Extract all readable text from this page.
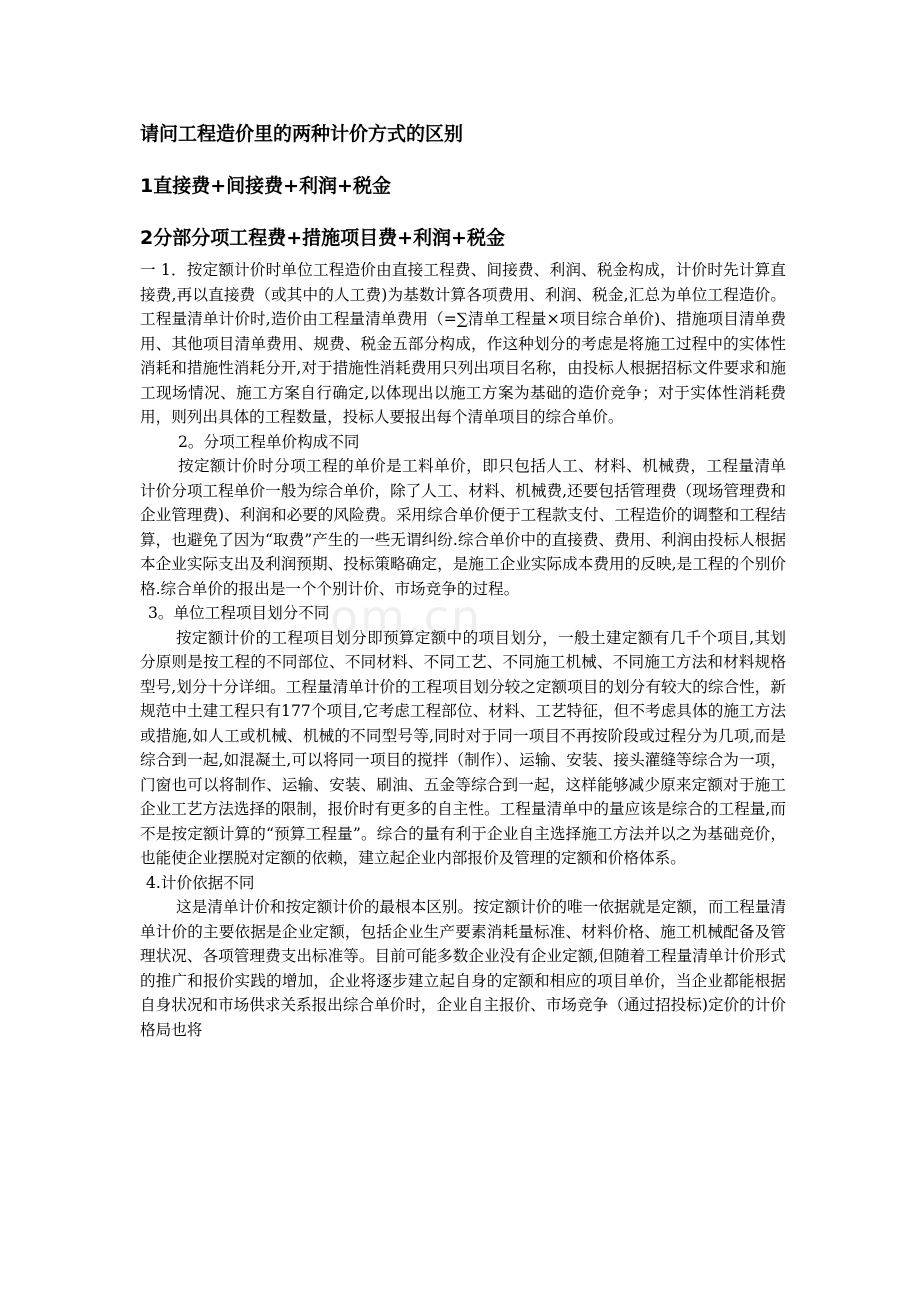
请问工程造价里的两种计价方式的区别
1直接费+间接费+利润+税金
2分部分项工程费+措施项目费+利润+税金

一 1．按定额计价时单位工程造价由直接工程费、间接费、利润、税金构成，计价时先计算直接费,再以直接费（或其中的人工费)为基数计算各项费用、利润、税金,汇总为单位工程造价。工程量清单计价时,造价由工程量清单费用（=∑清单工程量×项目综合单价)、措施项目清单费用、其他项目清单费用、规费、税金五部分构成，作这种划分的考虑是将施工过程中的实体性消耗和措施性消耗分开,对于措施性消耗费用只列出项目名称，由投标人根据招标文件要求和施工现场情况、施工方案自行确定,以体现出以施工方案为基础的造价竞争；对于实体性消耗费用，则列出具体的工程数量，投标人要报出每个清单项目的综合单价。

2。分项工程单价构成不同

按定额计价时分项工程的单价是工料单价，即只包括人工、材料、机械费，工程量清单计价分项工程单价一般为综合单价，除了人工、材料、机械费,还要包括管理费（现场管理费和企业管理费)、利润和必要的风险费。采用综合单价便于工程款支付、工程造价的调整和工程结算，也避免了因为“取费”产生的一些无谓纠纷.综合单价中的直接费、费用、利润由投标人根据本企业实际支出及利润预期、投标策略确定，是施工企业实际成本费用的反映,是工程的个别价格.综合单价的报出是一个个别计价、市场竞争的过程。

3。单位工程项目划分不同

按定额计价的工程项目划分即预算定额中的项目划分，一般土建定额有几千个项目,其划分原则是按工程的不同部位、不同材料、不同工艺、不同施工机械、不同施工方法和材料规格型号,划分十分详细。工程量清单计价的工程项目划分较之定额项目的划分有较大的综合性，新规范中土建工程只有177个项目,它考虑工程部位、材料、工艺特征，但不考虑具体的施工方法或措施,如人工或机械、机械的不同型号等,同时对于同一项目不再按阶段或过程分为几项,而是综合到一起,如混凝土,可以将同一项目的搅拌（制作）、运输、安装、接头灌缝等综合为一项，门窗也可以将制作、运输、安装、刷油、五金等综合到一起，这样能够减少原来定额对于施工企业工艺方法选择的限制，报价时有更多的自主性。工程量清单中的量应该是综合的工程量,而不是按定额计算的“预算工程量”。综合的量有利于企业自主选择施工方法并以之为基础竞价，也能使企业摆脱对定额的依赖，建立起企业内部报价及管理的定额和价格体系。

4.计价依据不同

这是清单计价和按定额计价的最根本区别。按定额计价的唯一依据就是定额，而工程量清单计价的主要依据是企业定额，包括企业生产要素消耗量标准、材料价格、施工机械配备及管理状况、各项管理费支出标准等。目前可能多数企业没有企业定额,但随着工程量清单计价形式的推广和报价实践的增加，企业将逐步建立起自身的定额和相应的项目单价，当企业都能根据自身状况和市场供求关系报出综合单价时，企业自主报价、市场竞争（通过招投标)定价的计价格局也将

om.cn
